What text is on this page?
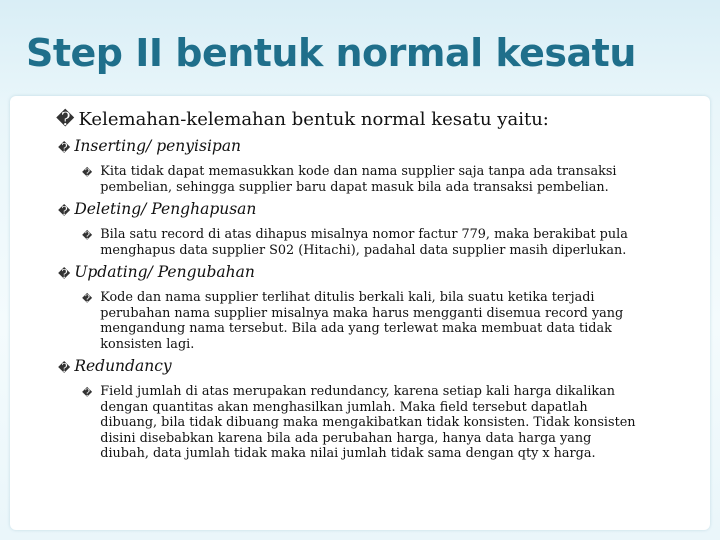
Step II bentuk normal kesatu
� Kelemahan-kelemahan bentuk normal kesatu yaitu:
� Inserting/ penyisipan
� Kita tidak dapat memasukkan kode dan nama supplier saja tanpa ada transaksi pembelian, sehingga supplier baru dapat masuk bila ada transaksi pembelian.
� Deleting/ Penghapusan
� Bila satu record di atas dihapus misalnya nomor factur 779, maka berakibat pula menghapus data supplier S02 (Hitachi), padahal data supplier masih diperlukan.
� Updating/ Pengubahan
� Kode dan nama supplier terlihat ditulis berkali kali, bila suatu ketika terjadi perubahan nama supplier misalnya maka harus mengganti disemua record yang mengandung nama tersebut. Bila ada yang terlewat maka membuat data tidak konsisten lagi.
� Redundancy
� Field jumlah di atas merupakan redundancy, karena setiap kali harga dikalikan dengan quantitas akan menghasilkan jumlah. Maka field tersebut dapatlah dibuang, bila tidak dibuang maka mengakibatkan tidak konsisten. Tidak konsisten disini disebabkan karena bila ada perubahan harga, hanya data harga yang diubah, data jumlah tidak maka nilai jumlah tidak sama dengan qty x harga.
